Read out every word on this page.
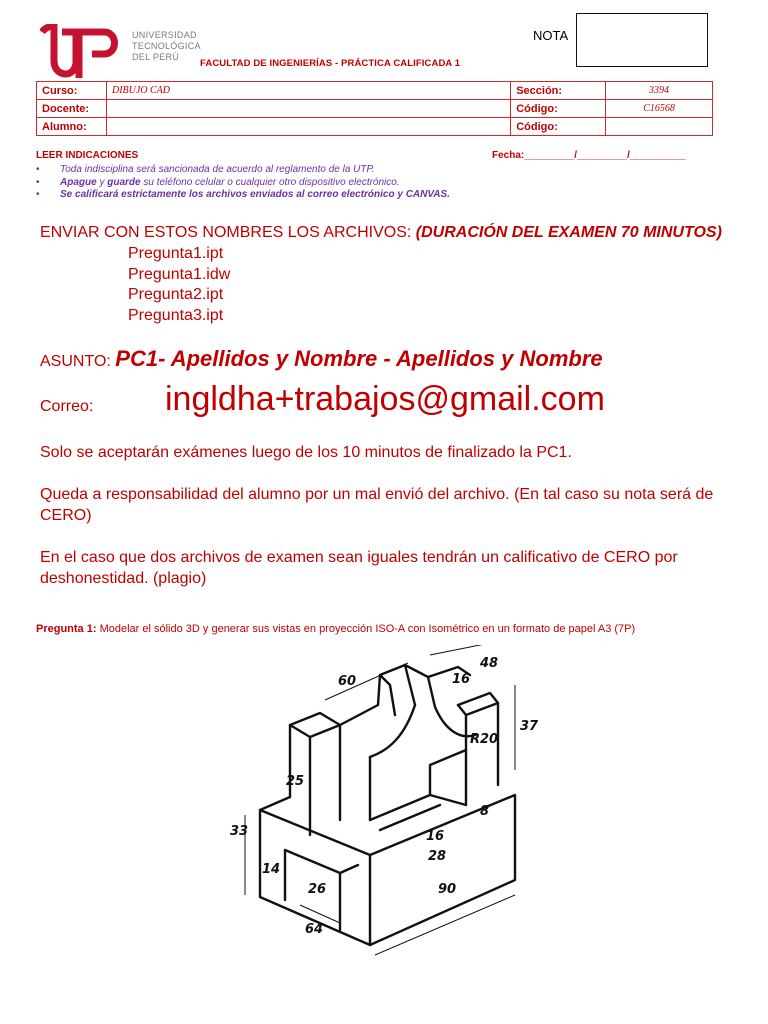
UNIVERSIDAD
TECNOLÓGICA
DEL PERÚ
NOTA
FACULTAD DE INGENIERÍAS - PRÁCTICA CALIFICADA 1
Curso:	DIBUJO CAD	Sección:	3394
Docente:		Código:	C16568
Alumno:		Código:	
LEER INDICACIONES	Fecha:_________/_________/__________
• Toda indisciplina será sancionada de acuerdo al reglamento de la UTP.
• Apague y guarde su teléfono celular o cualquier otro dispositivo electrónico.
• Se calificará estrictamente los archivos enviados al correo electrónico y CANVAS.
ENVIAR CON ESTOS NOMBRES LOS ARCHIVOS: (DURACIÓN DEL EXAMEN 70 MINUTOS)
Pregunta1.ipt
Pregunta1.idw
Pregunta2.ipt
Pregunta3.ipt
ASUNTO: PC1- Apellidos y Nombre - Apellidos y Nombre
Correo: ingldha+trabajos@gmail.com
Solo se aceptarán exámenes luego de los 10 minutos de finalizado la PC1.
Queda a responsabilidad del alumno por un mal envió del archivo. (En tal caso su nota será de CERO)
En el caso que dos archivos de examen sean iguales tendrán un calificativo de CERO por deshonestidad. (plagio)
Pregunta 1: Modelar el sólido 3D y generar sus vistas en proyección ISO-A con Isométrico en un formato de papel A3 (7P)
60
48
16
37
R20
25
33
8
16
14
28
26
64
90
